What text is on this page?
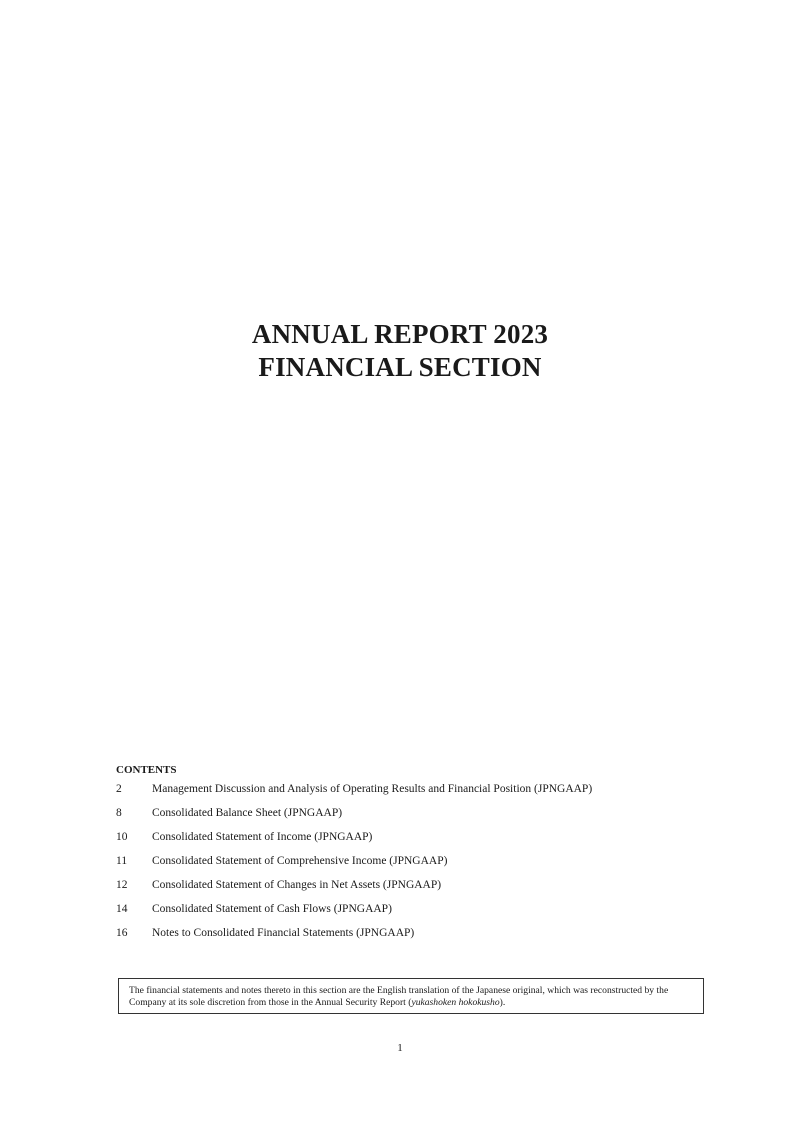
ANNUAL REPORT 2023
FINANCIAL SECTION
CONTENTS
2	Management Discussion and Analysis of Operating Results and Financial Position (JPNGAAP)
8	Consolidated Balance Sheet (JPNGAAP)
10	Consolidated Statement of Income (JPNGAAP)
11	Consolidated Statement of Comprehensive Income (JPNGAAP)
12	Consolidated Statement of Changes in Net Assets (JPNGAAP)
14	Consolidated Statement of Cash Flows (JPNGAAP)
16	Notes to Consolidated Financial Statements (JPNGAAP)
The financial statements and notes thereto in this section are the English translation of the Japanese original, which was reconstructed by the Company at its sole discretion from those in the Annual Security Report (yukashoken hokokusho).
1
